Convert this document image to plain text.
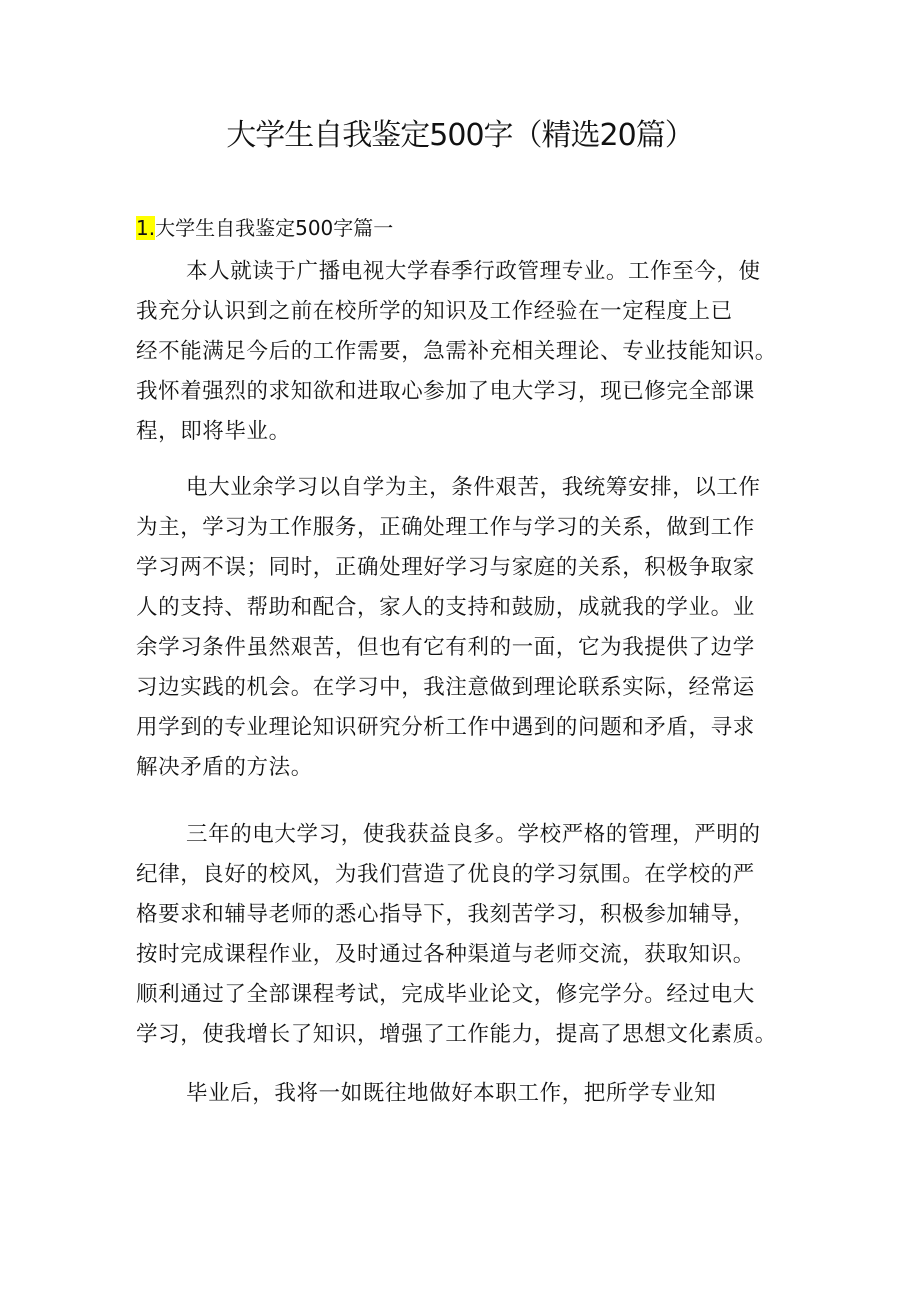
大学生自我鉴定500字（精选20篇）
1.大学生自我鉴定500字篇一

本人就读于广播电视大学春季行政管理专业。工作至今，使

我充分认识到之前在校所学的知识及工作经验在一定程度上已

经不能满足今后的工作需要，急需补充相关理论、专业技能知识。

我怀着强烈的求知欲和进取心参加了电大学习，现已修完全部课

程，即将毕业。

电大业余学习以自学为主，条件艰苦，我统筹安排，以工作

为主，学习为工作服务，正确处理工作与学习的关系，做到工作

学习两不误；同时，正确处理好学习与家庭的关系，积极争取家

人的支持、帮助和配合，家人的支持和鼓励，成就我的学业。业

余学习条件虽然艰苦，但也有它有利的一面，它为我提供了边学

习边实践的机会。在学习中，我注意做到理论联系实际，经常运

用学到的专业理论知识研究分析工作中遇到的问题和矛盾，寻求

解决矛盾的方法。

三年的电大学习，使我获益良多。学校严格的管理，严明的

纪律，良好的校风，为我们营造了优良的学习氛围。在学校的严

格要求和辅导老师的悉心指导下，我刻苦学习，积极参加辅导，

按时完成课程作业，及时通过各种渠道与老师交流，获取知识。

顺利通过了全部课程考试，完成毕业论文，修完学分。经过电大

学习，使我增长了知识，增强了工作能力，提高了思想文化素质。

毕业后，我将一如既往地做好本职工作，把所学专业知
